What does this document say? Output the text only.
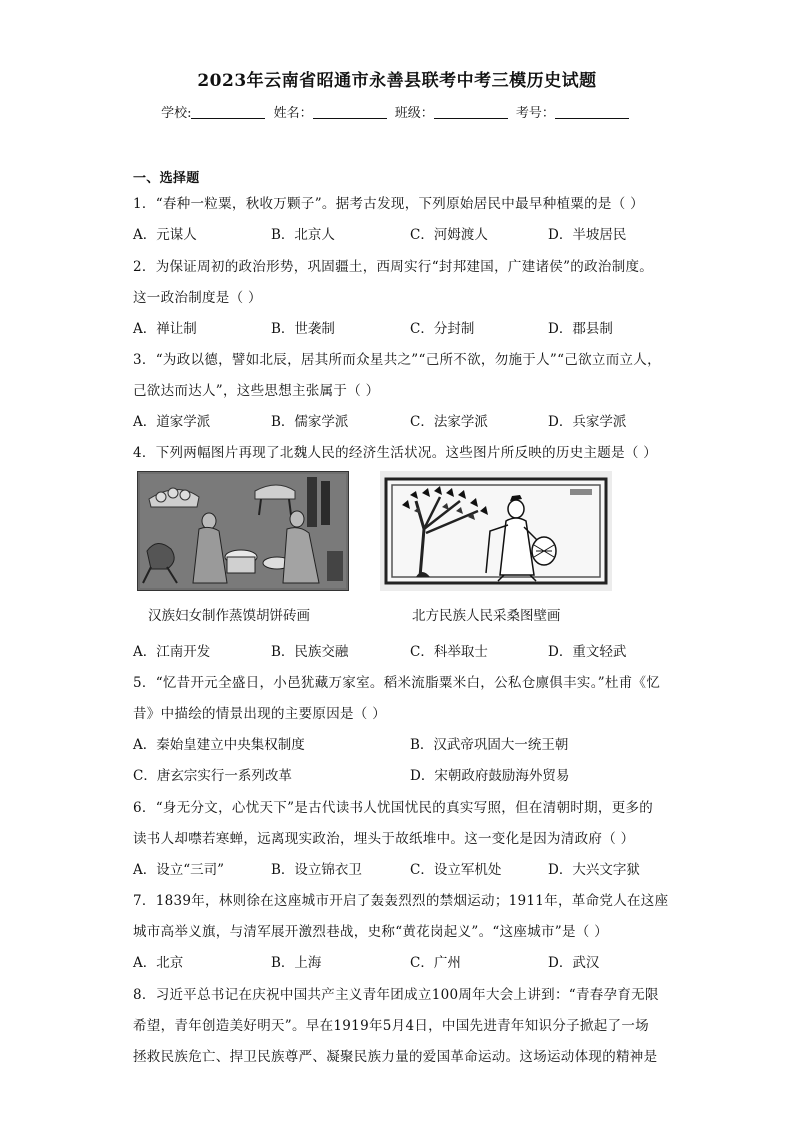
2023年云南省昭通市永善县联考中考三模历史试题
学校:	姓名：	班级：	考号：
一、选择题
1．“春种一粒粟，秋收万颗子”。据考古发现，下列原始居民中最早种植粟的是（ ）
A．元谋人	B．北京人	C．河姆渡人	D．半坡居民
2．为保证周初的政治形势，巩固疆土，西周实行“封邦建国，广建诸侯”的政治制度。
这一政治制度是（ ）
A．禅让制	B．世袭制	C．分封制	D．郡县制
3．“为政以德，譬如北辰，居其所而众星共之”“己所不欲，勿施于人”“己欲立而立人，
己欲达而达人”，这些思想主张属于（ ）
A．道家学派	B．儒家学派	C．法家学派	D．兵家学派
4．下列两幅图片再现了北魏人民的经济生活状况。这些图片所反映的历史主题是（ ）
汉族妇女制作蒸馍胡饼砖画	北方民族人民采桑图壁画
A．江南开发	B．民族交融	C．科举取士	D．重文轻武
5．“忆昔开元全盛日，小邑犹藏万家室。稻米流脂粟米白，公私仓廪俱丰实。”杜甫《忆
昔》中描绘的情景出现的主要原因是（ ）
A．秦始皇建立中央集权制度	B．汉武帝巩固大一统王朝
C．唐玄宗实行一系列改革	D．宋朝政府鼓励海外贸易
6．“身无分文，心忧天下”是古代读书人忧国忧民的真实写照，但在清朝时期，更多的
读书人却噤若寒蝉，远离现实政治，埋头于故纸堆中。这一变化是因为清政府（ ）
A．设立“三司”	B．设立锦衣卫	C．设立军机处	D．大兴文字狱
7．1839年，林则徐在这座城市开启了轰轰烈烈的禁烟运动；1911年，革命党人在这座
城市高举义旗，与清军展开激烈巷战，史称“黄花岗起义”。“这座城市”是（ ）
A．北京	B．上海	C．广州	D．武汉
8．习近平总书记在庆祝中国共产主义青年团成立100周年大会上讲到：“青春孕育无限
希望，青年创造美好明天”。早在1919年5月4日，中国先进青年知识分子掀起了一场
拯救民族危亡、捍卫民族尊严、凝聚民族力量的爱国革命运动。这场运动体现的精神是
